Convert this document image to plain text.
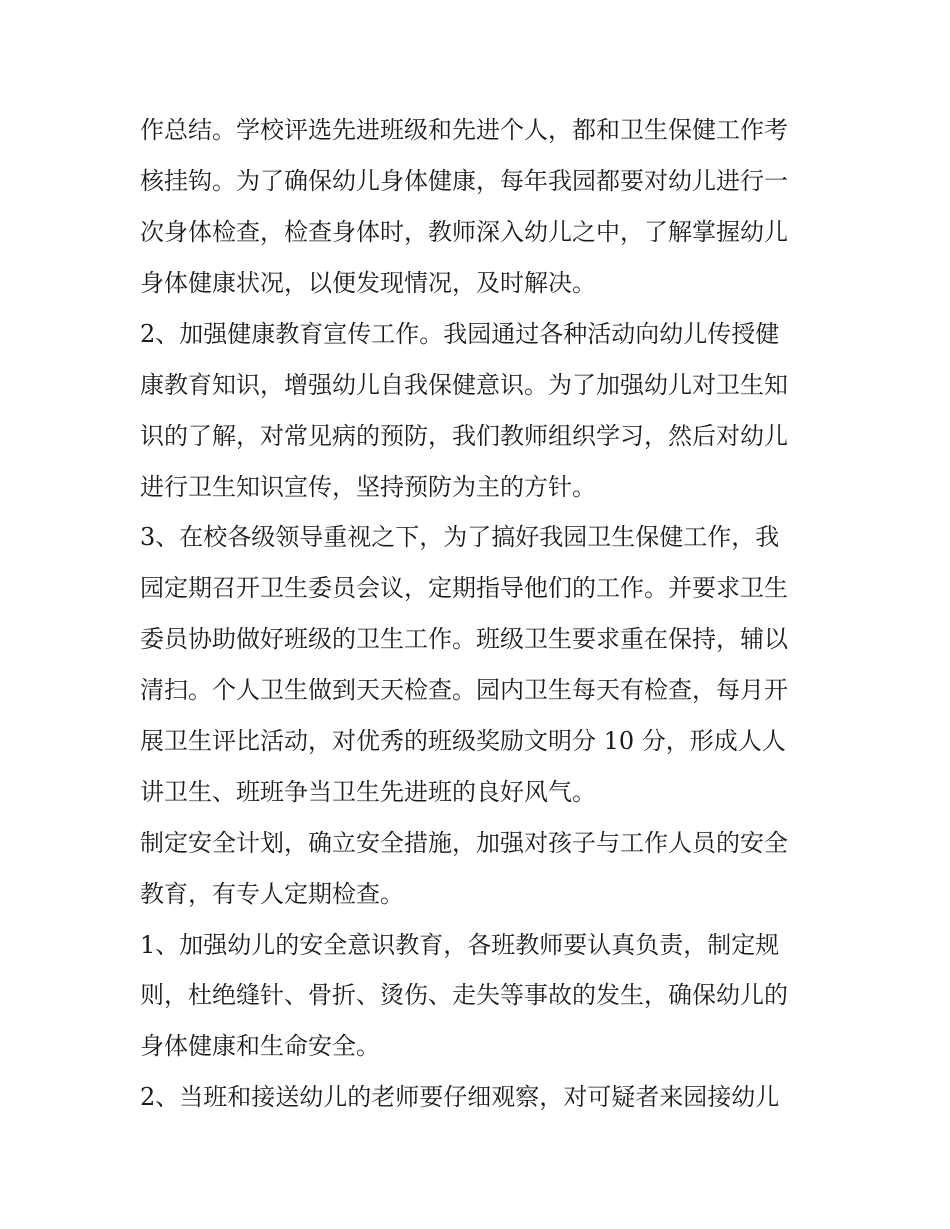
作总结。学校评选先进班级和先进个人，都和卫生保健工作考
核挂钩。为了确保幼儿身体健康，每年我园都要对幼儿进行一
次身体检查，检查身体时，教师深入幼儿之中，了解掌握幼儿
身体健康状况，以便发现情况，及时解决。
2、加强健康教育宣传工作。我园通过各种活动向幼儿传授健
康教育知识，增强幼儿自我保健意识。为了加强幼儿对卫生知
识的了解，对常见病的预防，我们教师组织学习，然后对幼儿
进行卫生知识宣传，坚持预防为主的方针。
3、在校各级领导重视之下，为了搞好我园卫生保健工作，我
园定期召开卫生委员会议，定期指导他们的工作。并要求卫生
委员协助做好班级的卫生工作。班级卫生要求重在保持，辅以
清扫。个人卫生做到天天检查。园内卫生每天有检查，每月开
展卫生评比活动，对优秀的班级奖励文明分 10 分，形成人人
讲卫生、班班争当卫生先进班的良好风气。
制定安全计划，确立安全措施，加强对孩子与工作人员的安全
教育，有专人定期检查。
1、加强幼儿的安全意识教育，各班教师要认真负责，制定规
则，杜绝缝针、骨折、烫伤、走失等事故的发生，确保幼儿的
身体健康和生命安全。
2、当班和接送幼儿的老师要仔细观察，对可疑者来园接幼儿
